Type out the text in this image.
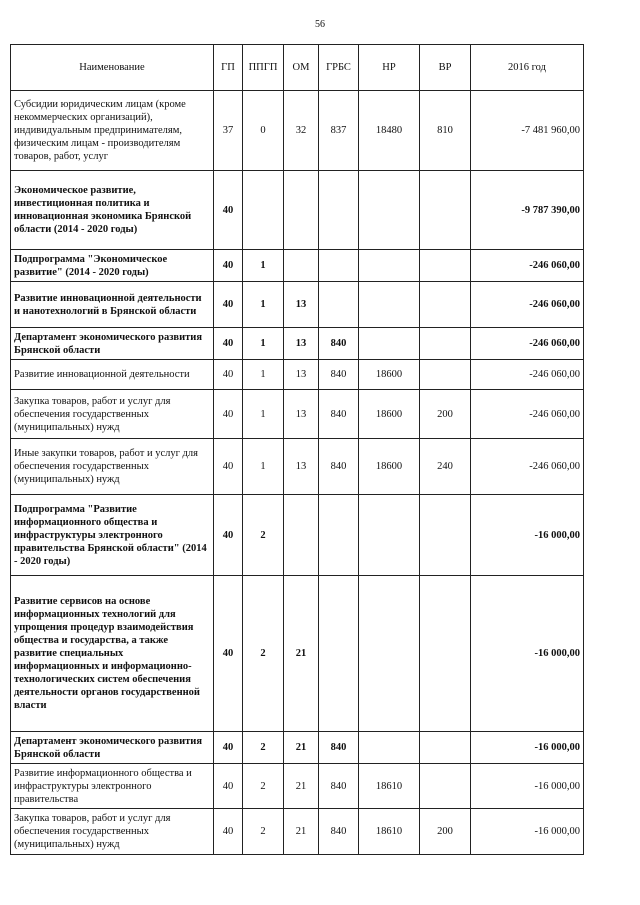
56
Наименование	ГП	ППГП	ОМ	ГРБС	НР	ВР	2016 год
Субсидии юридическим лицам (кроме некоммерческих организаций), индивидуальным предпринимателям, физическим лицам - производителям товаров, работ, услуг	37	0	32	837	18480	810	-7 481 960,00
Экономическое развитие, инвестиционная политика и инновационная экономика Брянской области (2014 - 2020 годы)	40						-9 787 390,00
Подпрограмма "Экономическое развитие" (2014 - 2020 годы)	40	1					-246 060,00
Развитие инновационной деятельности и нанотехнологий в Брянской области	40	1	13				-246 060,00
Департамент экономического развития Брянской области	40	1	13	840			-246 060,00
Развитие инновационной деятельности	40	1	13	840	18600		-246 060,00
Закупка товаров, работ и услуг для обеспечения государственных (муниципальных) нужд	40	1	13	840	18600	200	-246 060,00
Иные закупки товаров, работ и услуг для обеспечения государственных (муниципальных) нужд	40	1	13	840	18600	240	-246 060,00
Подпрограмма "Развитие информационного общества и инфраструктуры электронного правительства Брянской области" (2014 - 2020 годы)	40	2					-16 000,00
Развитие сервисов на основе информационных технологий для упрощения процедур взаимодействия общества и государства, а также развитие специальных информационных и информационно-технологических систем обеспечения деятельности органов государственной власти	40	2	21				-16 000,00
Департамент экономического развития Брянской области	40	2	21	840			-16 000,00
Развитие информационного общества и инфраструктуры электронного правительства	40	2	21	840	18610		-16 000,00
Закупка товаров, работ и услуг для обеспечения государственных (муниципальных) нужд	40	2	21	840	18610	200	-16 000,00
